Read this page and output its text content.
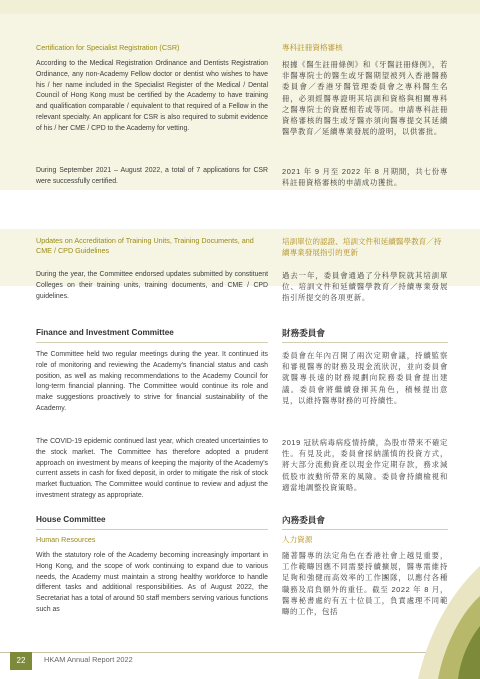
Certification for Specialist Registration (CSR)	專科註冊資格審核

According to the Medical Registration Ordinance and Dentists Registration Ordinance, any non-Academy Fellow doctor or dentist who wishes to have his / her name included in the Specialist Register of the Medical / Dental Council of Hong Kong must be certified by the Academy to have training and qualification comparable / equivalent to that required of a Fellow in the relevant specialty. An applicant for CSR is also required to submit evidence of his / her CME / CPD to the Academy for vetting.

根據《醫生註冊條例》和《牙醫註冊條例》，若非醫專院士的醫生或牙醫期望被列入香港醫務委員會／香港牙醫管理委員會之專科醫生名冊，必須經醫專證明其培訓和資格與相關專科之醫專院士的資歷相若或等同。申請專科註冊資格審核的醫生或牙醫亦須向醫專提交其延續醫學教育／延續專業發展的證明，以供審批。

During September 2021 – August 2022, a total of 7 applications for CSR were successfully certified.

2021 年 9 月至 2022 年 8 月期間，共七份專科註冊資格審核的申請成功獲批。

Updates on Accreditation of Training Units, Training Documents, and CME / CPD Guidelines
培訓單位的認證、培訓文件和延續醫學教育／持續專業發展指引的更新

During the year, the Committee endorsed updates submitted by constituent Colleges on their training units, training documents, and CME / CPD guidelines.

過去一年，委員會通過了分科學院就其培訓單位、培訓文件和延續醫學教育／持續專業發展指引所提交的各項更新。

Finance and Investment Committee	財務委員會

The Committee held two regular meetings during the year. It continued its role of monitoring and reviewing the Academy's financial status and cash position, as well as making recommendations to the Academy Council for long-term financial planning. The Committee would continue its role and make suggestions proactively to strive for financial sustainability of the Academy.

委員會在年內召開了兩次定期會議，持續監察和審視醫專的財務及現金流狀況，並向委員會就醫專長遠的財務規劃向院務委員會提出建議。委員會將繼續發揮其角色，積極提出意見，以維持醫專財務的可持續性。

The COVID-19 epidemic continued last year, which created uncertainties to the stock market. The Committee has therefore adopted a prudent approach on investment by means of keeping the majority of the Academy's current assets in cash for fixed deposit, in order to mitigate the risk of stock market fluctuation. The Committee would continue to review and adjust the investment strategy as appropriate.

2019 冠狀病毒病疫情持續，為股市帶來不確定性。有見及此，委員會採納謹慎的投資方式，將大部分流動資產以現金作定期存款，務求減低股市波動所帶來的風險。委員會持續檢視和適當地調整投資策略。

House Committee	內務委員會
Human Resources	人力資源

With the statutory role of the Academy becoming increasingly important in Hong Kong, and the scope of work continuing to expand due to various needs, the Academy must maintain a strong healthy workforce to handle different tasks and additional responsibilities. As of August 2022, the Secretariat has a total of around 50 staff members serving various functions such as

隨著醫專的法定角色在香港社會上越見重要，工作範疇因應不同需要持續擴展，醫專需維持足夠和強健而高效率的工作團隊，以應付各種職務及肩負額外的重任。截至 2022 年 8 月，醫專秘書處約有五十位員工，負責處理不同範疇的工作，包括

22	HKAM Annual Report 2022
